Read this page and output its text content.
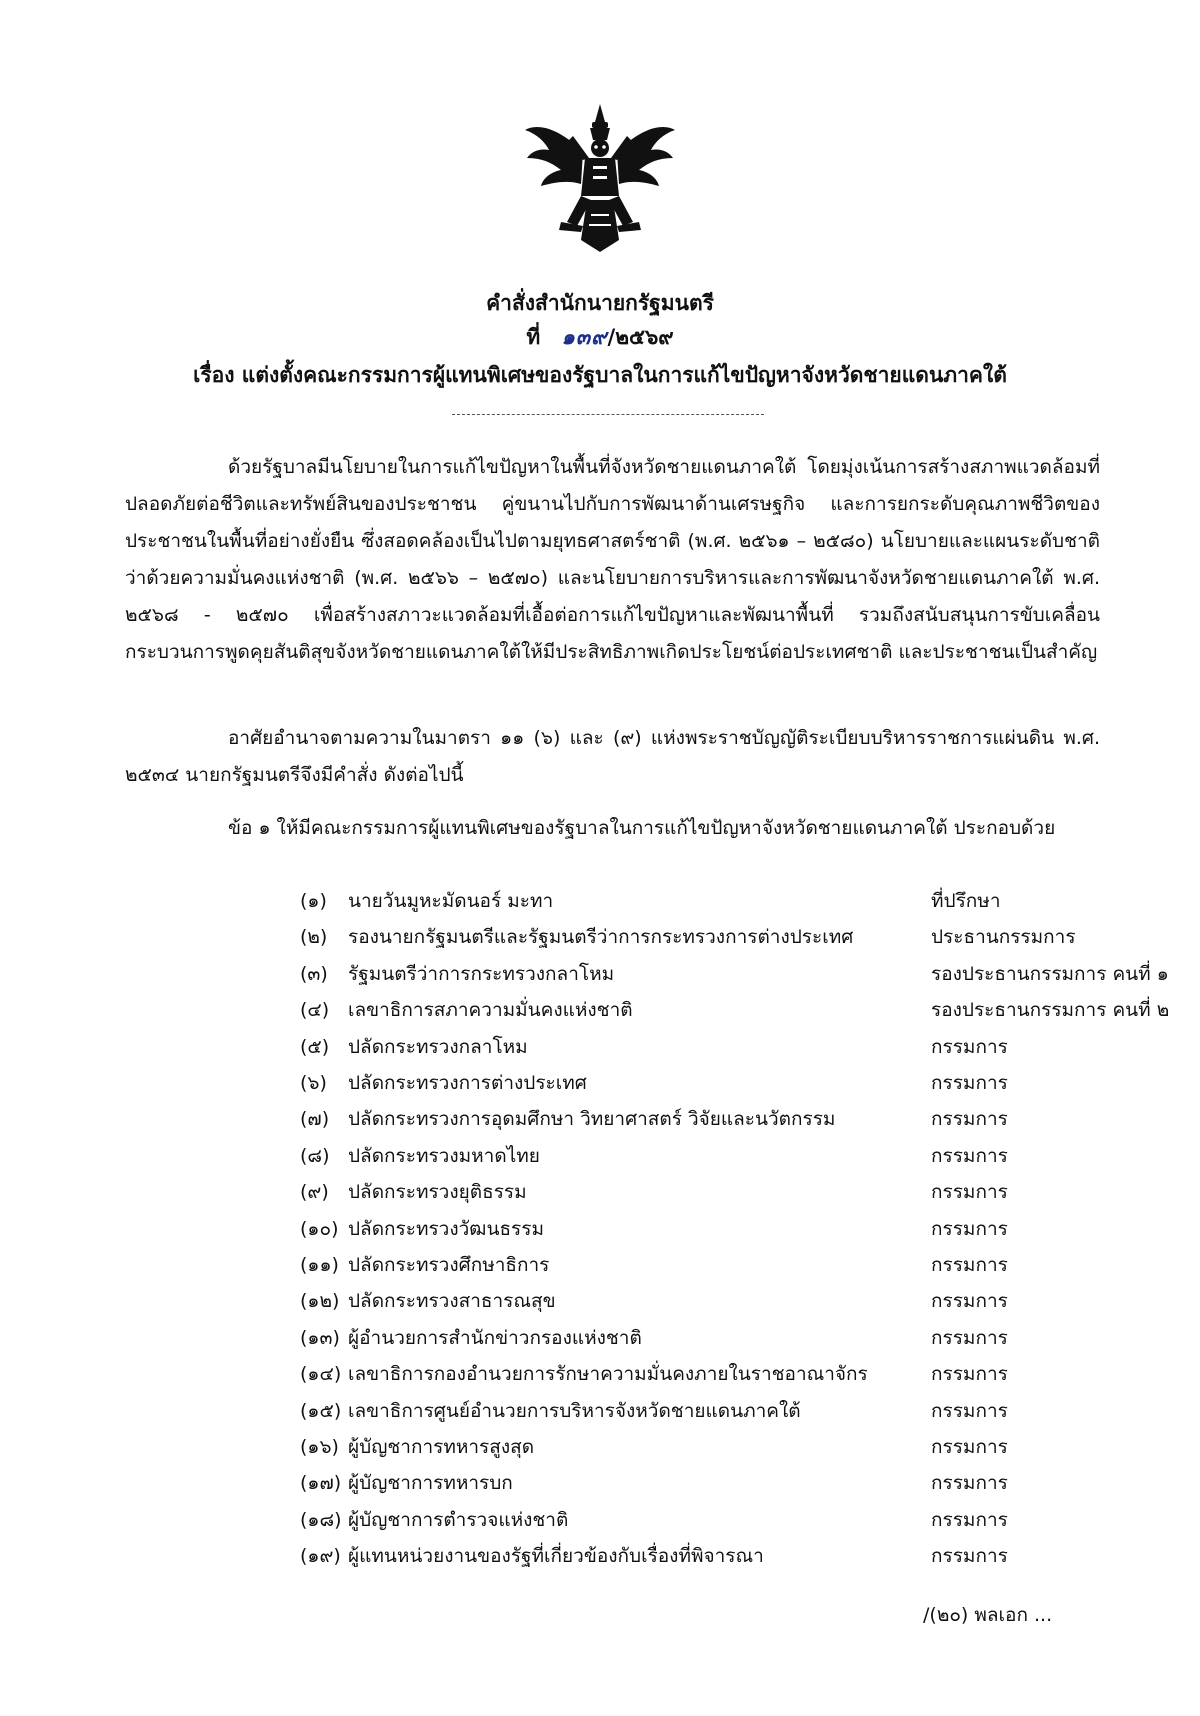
คำสั่งสำนักนายกรัฐมนตรี
ที่ ๑๓๙/๒๕๖๙
เรื่อง แต่งตั้งคณะกรรมการผู้แทนพิเศษของรัฐบาลในการแก้ไขปัญหาจังหวัดชายแดนภาคใต้
ด้วยรัฐบาลมีนโยบายในการแก้ไขปัญหาในพื้นที่จังหวัดชายแดนภาคใต้ โดยมุ่งเน้นการสร้างสภาพแวดล้อมที่ปลอดภัยต่อชีวิตและทรัพย์สินของประชาชน คู่ขนานไปกับการพัฒนาด้านเศรษฐกิจ และการยกระดับคุณภาพชีวิตของประชาชนในพื้นที่อย่างยั่งยืน ซึ่งสอดคล้องเป็นไปตามยุทธศาสตร์ชาติ (พ.ศ. ๒๕๖๑ – ๒๕๘๐) นโยบายและแผนระดับชาติว่าด้วยความมั่นคงแห่งชาติ (พ.ศ. ๒๕๖๖ – ๒๕๗๐) และนโยบายการบริหารและการพัฒนาจังหวัดชายแดนภาคใต้ พ.ศ. ๒๕๖๘ - ๒๕๗๐ เพื่อสร้างสภาวะแวดล้อมที่เอื้อต่อการแก้ไขปัญหาและพัฒนาพื้นที่ รวมถึงสนับสนุนการขับเคลื่อนกระบวนการพูดคุยสันติสุขจังหวัดชายแดนภาคใต้ให้มีประสิทธิภาพเกิดประโยชน์ต่อประเทศชาติ และประชาชนเป็นสำคัญ
อาศัยอำนาจตามความในมาตรา ๑๑ (๖) และ (๙) แห่งพระราชบัญญัติระเบียบบริหารราชการแผ่นดิน พ.ศ. ๒๕๓๔ นายกรัฐมนตรีจึงมีคำสั่ง ดังต่อไปนี้
ข้อ ๑ ให้มีคณะกรรมการผู้แทนพิเศษของรัฐบาลในการแก้ไขปัญหาจังหวัดชายแดนภาคใต้ ประกอบด้วย
(๑) นายวันมูหะมัดนอร์ มะทา	ที่ปรึกษา
(๒) รองนายกรัฐมนตรีและรัฐมนตรีว่าการกระทรวงการต่างประเทศ	ประธานกรรมการ
(๓) รัฐมนตรีว่าการกระทรวงกลาโหม	รองประธานกรรมการ คนที่ ๑
(๔) เลขาธิการสภาความมั่นคงแห่งชาติ	รองประธานกรรมการ คนที่ ๒
(๕) ปลัดกระทรวงกลาโหม	กรรมการ
(๖) ปลัดกระทรวงการต่างประเทศ	กรรมการ
(๗) ปลัดกระทรวงการอุดมศึกษา วิทยาศาสตร์ วิจัยและนวัตกรรม	กรรมการ
(๘) ปลัดกระทรวงมหาดไทย	กรรมการ
(๙) ปลัดกระทรวงยุติธรรม	กรรมการ
(๑๐) ปลัดกระทรวงวัฒนธรรม	กรรมการ
(๑๑) ปลัดกระทรวงศึกษาธิการ	กรรมการ
(๑๒) ปลัดกระทรวงสาธารณสุข	กรรมการ
(๑๓) ผู้อำนวยการสำนักข่าวกรองแห่งชาติ	กรรมการ
(๑๔) เลขาธิการกองอำนวยการรักษาความมั่นคงภายในราชอาณาจักร	กรรมการ
(๑๕) เลขาธิการศูนย์อำนวยการบริหารจังหวัดชายแดนภาคใต้	กรรมการ
(๑๖) ผู้บัญชาการทหารสูงสุด	กรรมการ
(๑๗) ผู้บัญชาการทหารบก	กรรมการ
(๑๘) ผู้บัญชาการตำรวจแห่งชาติ	กรรมการ
(๑๙) ผู้แทนหน่วยงานของรัฐที่เกี่ยวข้องกับเรื่องที่พิจารณา	กรรมการ
/(๒๐) พลเอก ...
